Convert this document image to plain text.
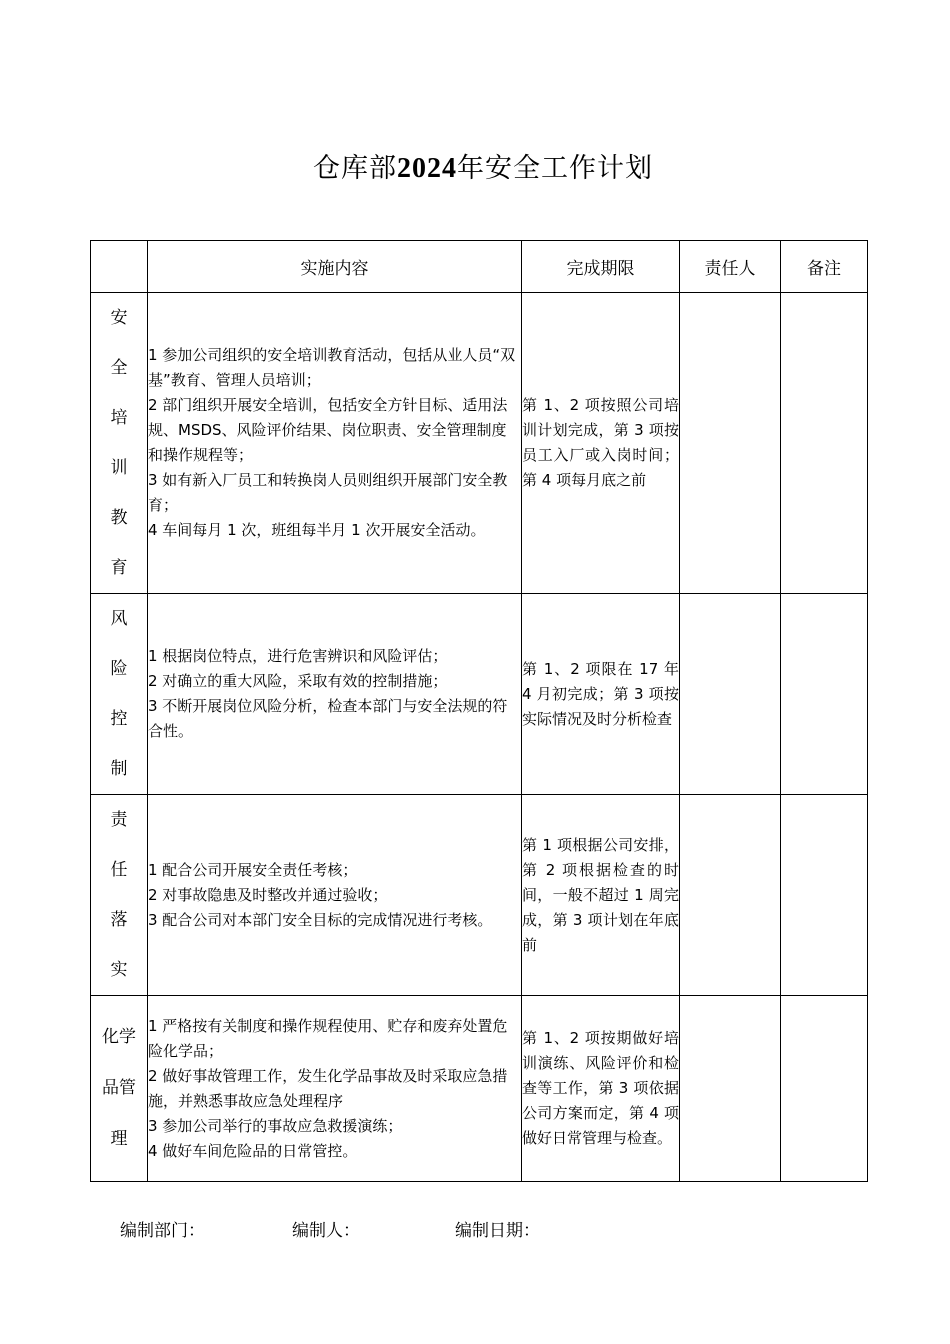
仓库部2024年安全工作计划
	实施内容	完成期限	责任人	备注

安全培训教育	1 参加公司组织的安全培训教育活动，包括从业人员“双基”教育、管理人员培训；
2 部门组织开展安全培训，包括安全方针目标、适用法规、MSDS、风险评价结果、岗位职责、安全管理制度和操作规程等；
3 如有新入厂员工和转换岗人员则组织开展部门安全教育；
4 车间每月 1 次，班组每半月 1 次开展安全活动。	第 1、2 项按照公司培训计划完成，第 3 项按员工入厂或入岗时间；第 4 项每月底之前		

风险控制	1 根据岗位特点，进行危害辨识和风险评估；
2 对确立的重大风险，采取有效的控制措施；
3 不断开展岗位风险分析，检查本部门与安全法规的符合性。	第 1、2 项限在 17 年 4 月初完成；第 3 项按实际情况及时分析检查		

责任落实	1 配合公司开展安全责任考核；
2 对事故隐患及时整改并通过验收；
3 配合公司对本部门安全目标的完成情况进行考核。	第 1 项根据公司安排，第 2 项根据检查的时间，一般不超过 1 周完成，第 3 项计划在年底前		

化学品管理	1 严格按有关制度和操作规程使用、贮存和废弃处置危险化学品；
2 做好事故管理工作，发生化学品事故及时采取应急措施，并熟悉事故应急处理程序
3 参加公司举行的事故应急救援演练；
4 做好车间危险品的日常管控。	第 1、2 项按期做好培训演练、风险评价和检查等工作，第 3 项依据公司方案而定，第 4 项做好日常管理与检查。		
编制部门：	编制人：	编制日期：
